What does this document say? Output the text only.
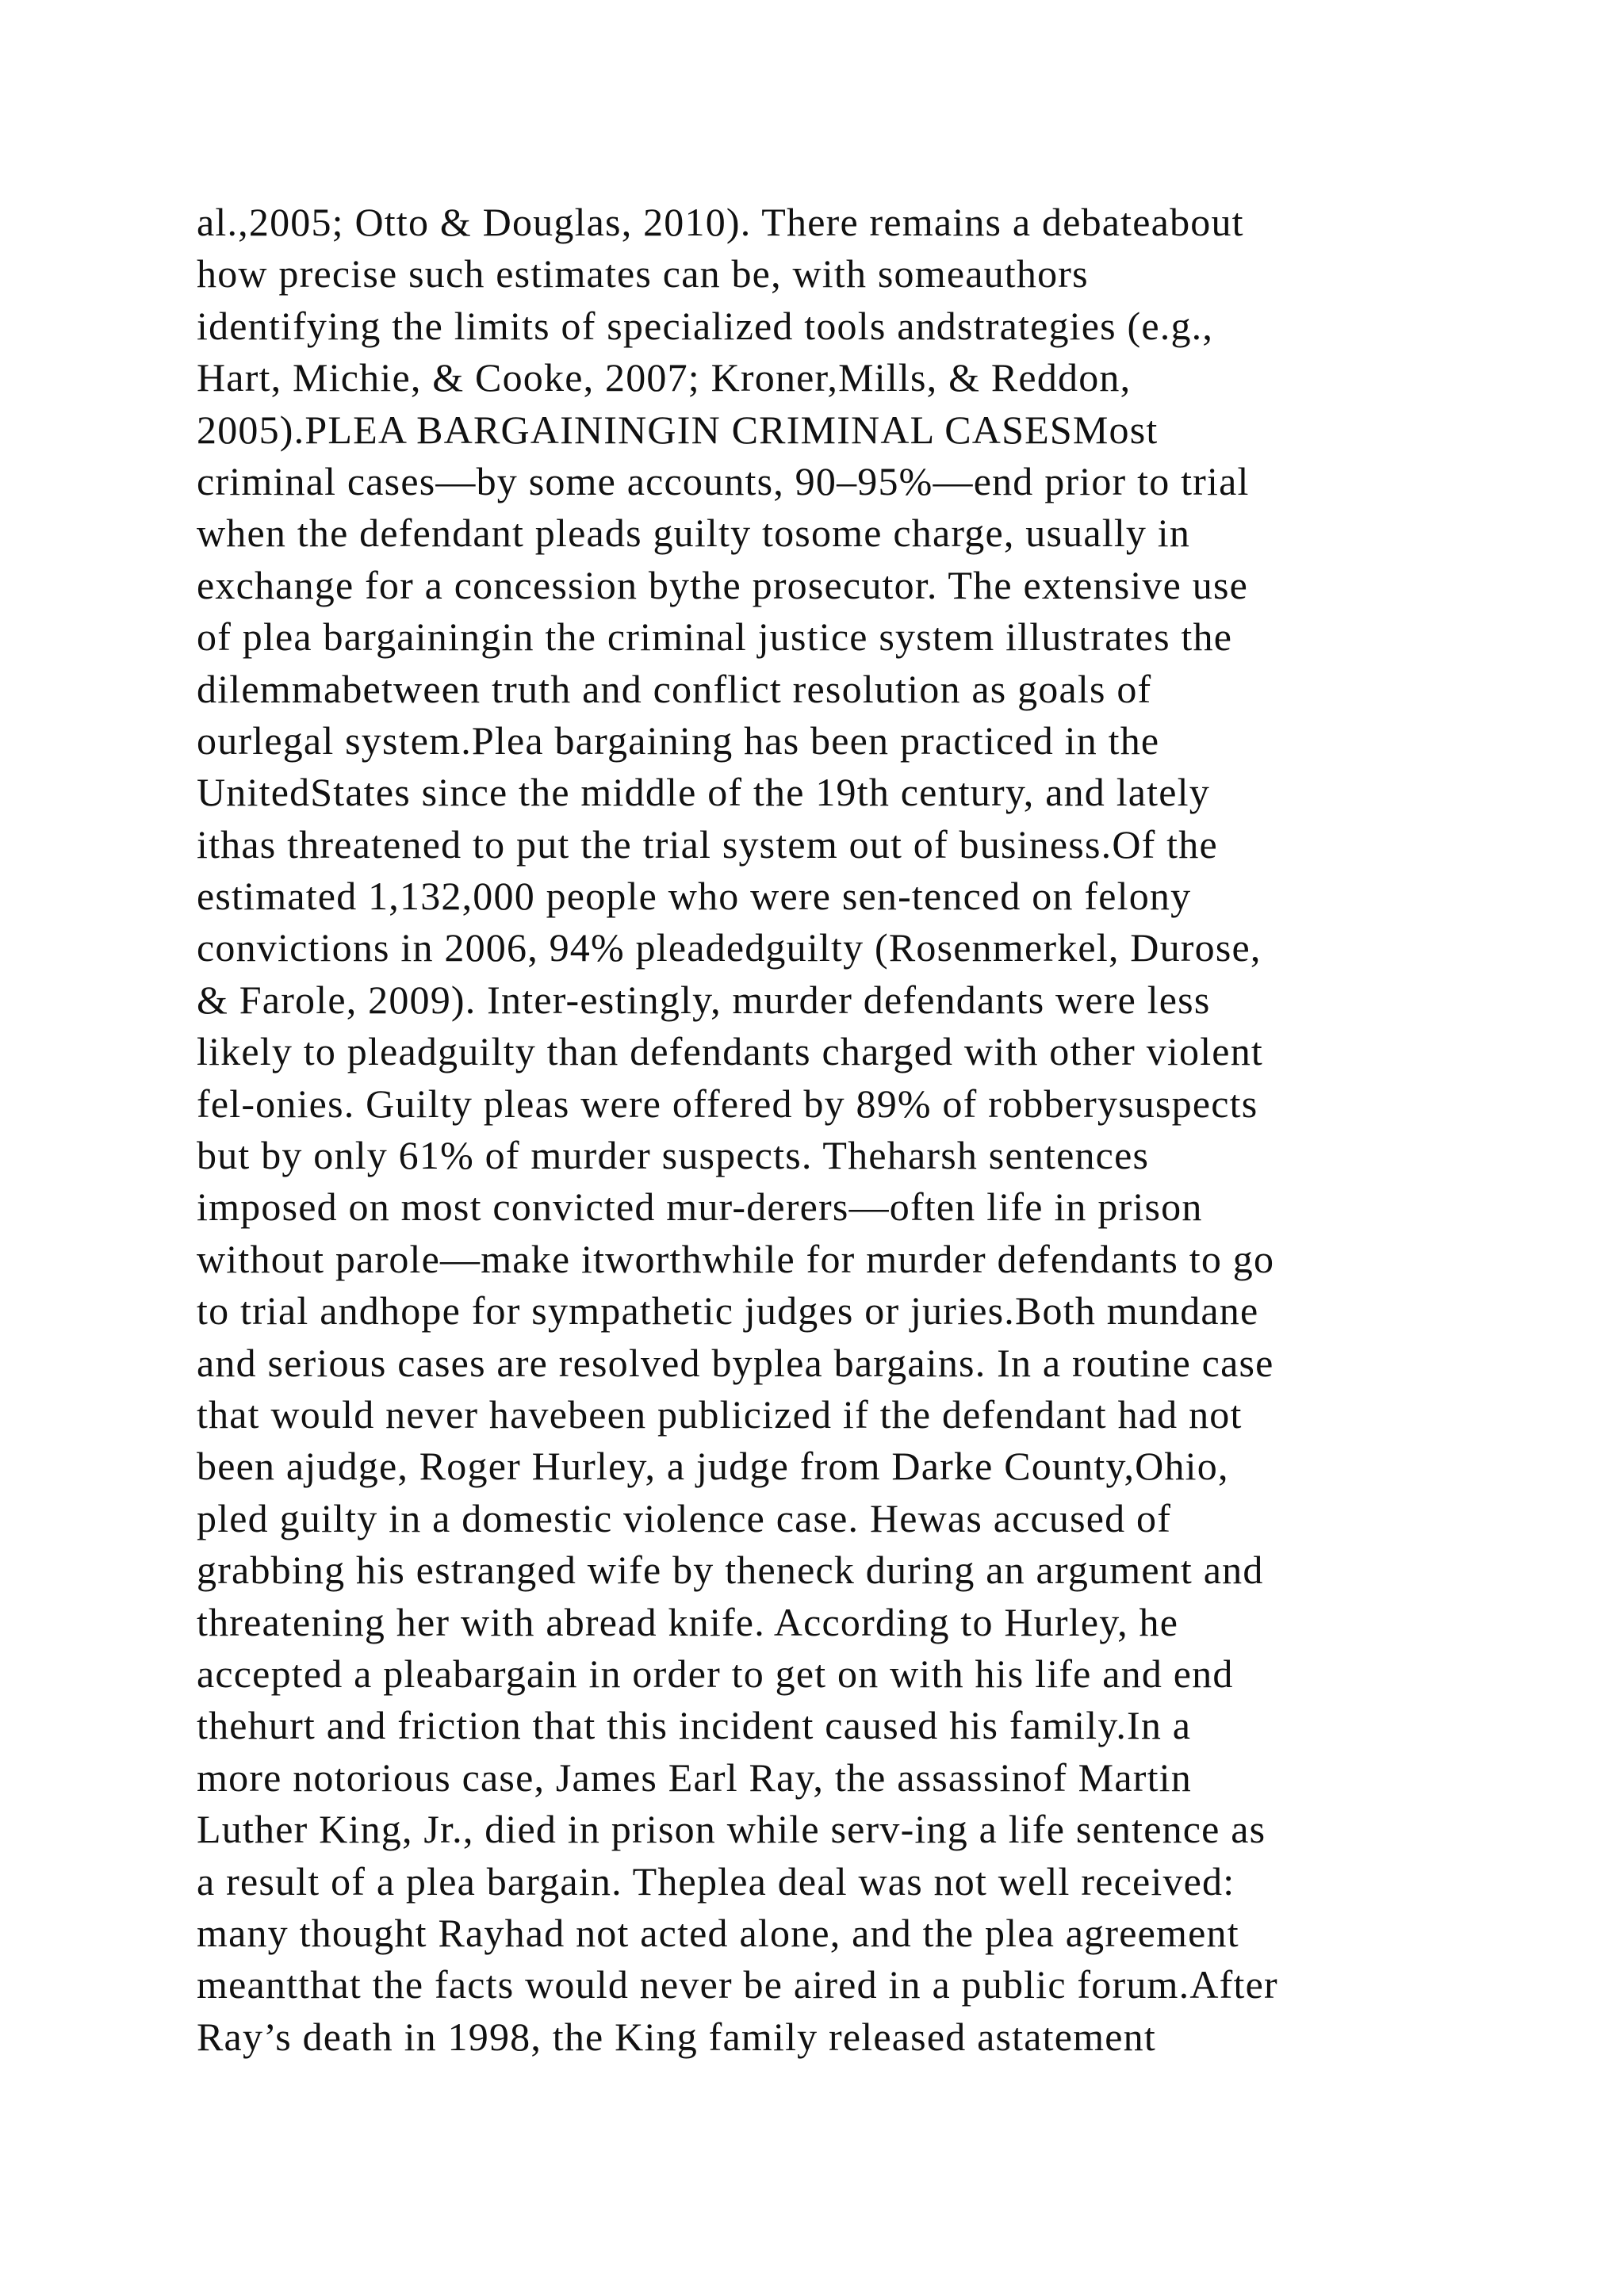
al.,2005; Otto & Douglas, 2010). There remains a debateabout
how precise such estimates can be, with someauthors
identifying the limits of specialized tools andstrategies (e.g.,
Hart, Michie, & Cooke, 2007; Kroner,Mills, & Reddon,
2005).PLEA BARGAININGIN CRIMINAL CASESMost
criminal cases—by some accounts, 90–95%—end prior to trial
when the defendant pleads guilty tosome charge, usually in
exchange for a concession bythe prosecutor. The extensive use
of plea bargainingin the criminal justice system illustrates the
dilemmabetween truth and conflict resolution as goals of
ourlegal system.Plea bargaining has been practiced in the
UnitedStates since the middle of the 19th century, and lately
ithas threatened to put the trial system out of business.Of the
estimated 1,132,000 people who were sen-tenced on felony
convictions in 2006, 94% pleadedguilty (Rosenmerkel, Durose,
& Farole, 2009). Inter-estingly, murder defendants were less
likely to pleadguilty than defendants charged with other violent
fel-onies. Guilty pleas were offered by 89% of robberysuspects
but by only 61% of murder suspects. Theharsh sentences
imposed on most convicted mur-derers—often life in prison
without parole—make itworthwhile for murder defendants to go
to trial andhope for sympathetic judges or juries.Both mundane
and serious cases are resolved byplea bargains. In a routine case
that would never havebeen publicized if the defendant had not
been ajudge, Roger Hurley, a judge from Darke County,Ohio,
pled guilty in a domestic violence case. Hewas accused of
grabbing his estranged wife by theneck during an argument and
threatening her with abread knife. According to Hurley, he
accepted a pleabargain in order to get on with his life and end
thehurt and friction that this incident caused his family.In a
more notorious case, James Earl Ray, the assassinof Martin
Luther King, Jr., died in prison while serv-ing a life sentence as
a result of a plea bargain. Theplea deal was not well received:
many thought Rayhad not acted alone, and the plea agreement
meantthat the facts would never be aired in a public forum.After
Ray’s death in 1998, the King family released astatement
